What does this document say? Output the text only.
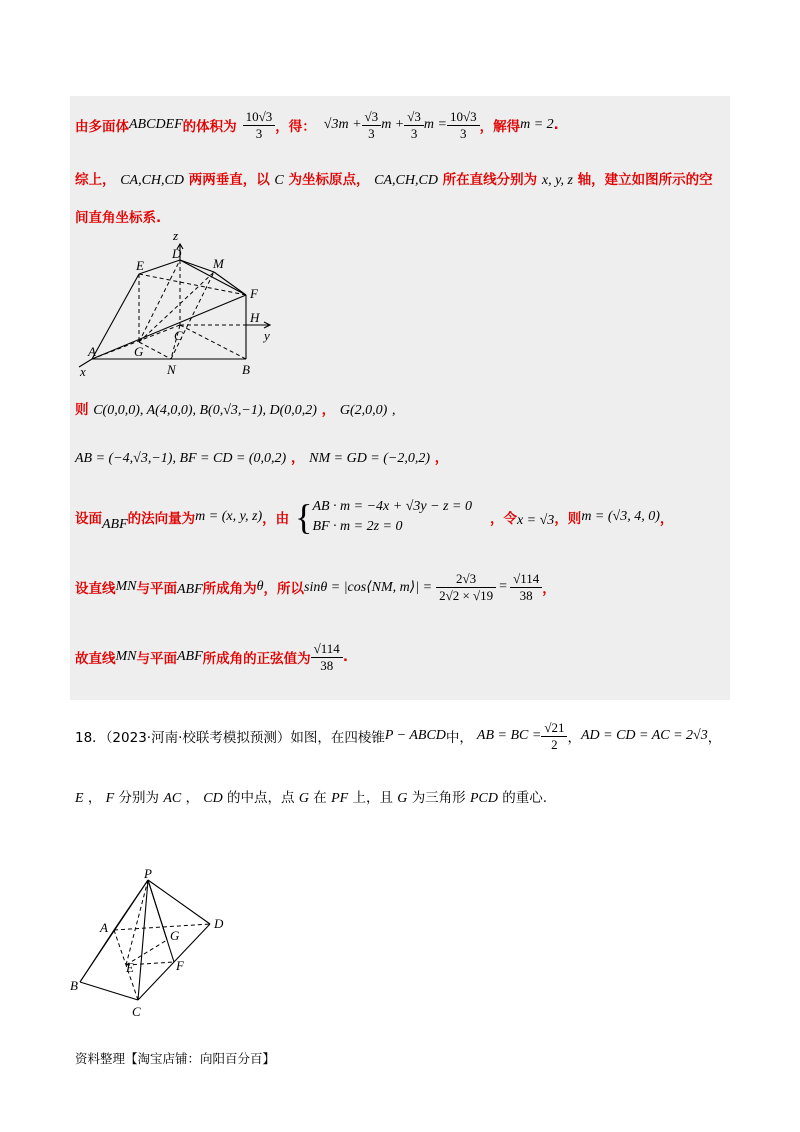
由多面体 ABCDEF 的体积为 $\frac{10√3}{3}$ ，得： $√3m + \frac{√3}{3}$ $m + \frac{√3}{3}$ $m = \frac{10√3}{3}$ ，解得 m = 2 .
综上， CA,CH,CD 两两垂直，以 C 为坐标原点， CA,CH,CD 所在直线分别为 x, y, z 轴，建立如图所示的空
间直角坐标系.
z
D
E	M
F
H
y
C
G
A
x	N	B
则 C(0,0,0), A(4,0,0), B(0,√3,−1), D(0,0,2) ， G(2,0,0) ,
AB = (−4,√3,−1), BF = CD = (0,0,2) ， NM = GD = (−2,0,2) ，
设面 ABF 的法向量为 m = (x, y, z) ，由 { AB · m = −4x + √3y − z = 0
BF · m = 2z = 0	，令 x = √3 ，则 m = (√3, 4, 0) ，
设直线 MN 与平面 ABF 所成角为 θ ，所以 sinθ = |cos⟨NM, m⟩| = $\frac{2√3}{2√2 \times √19} = \frac{√114}{38}$ ，
故直线 MN 与平面 ABF 所成角的正弦值为 $\frac{√114}{38}$ .
18．（2023·河南·校联考模拟预测）如图，在四棱锥 P − ABCD 中， AB = BC = $\frac{√21}{2}$ ， AD = CD = AC = 2√3 ，
E ， F 分别为 AC ， CD 的中点，点 G 在 PF 上，且 G 为三角形 PCD 的重心.
P
A	D
G
E	F
B
C
资料整理【淘宝店铺：向阳百分百】
